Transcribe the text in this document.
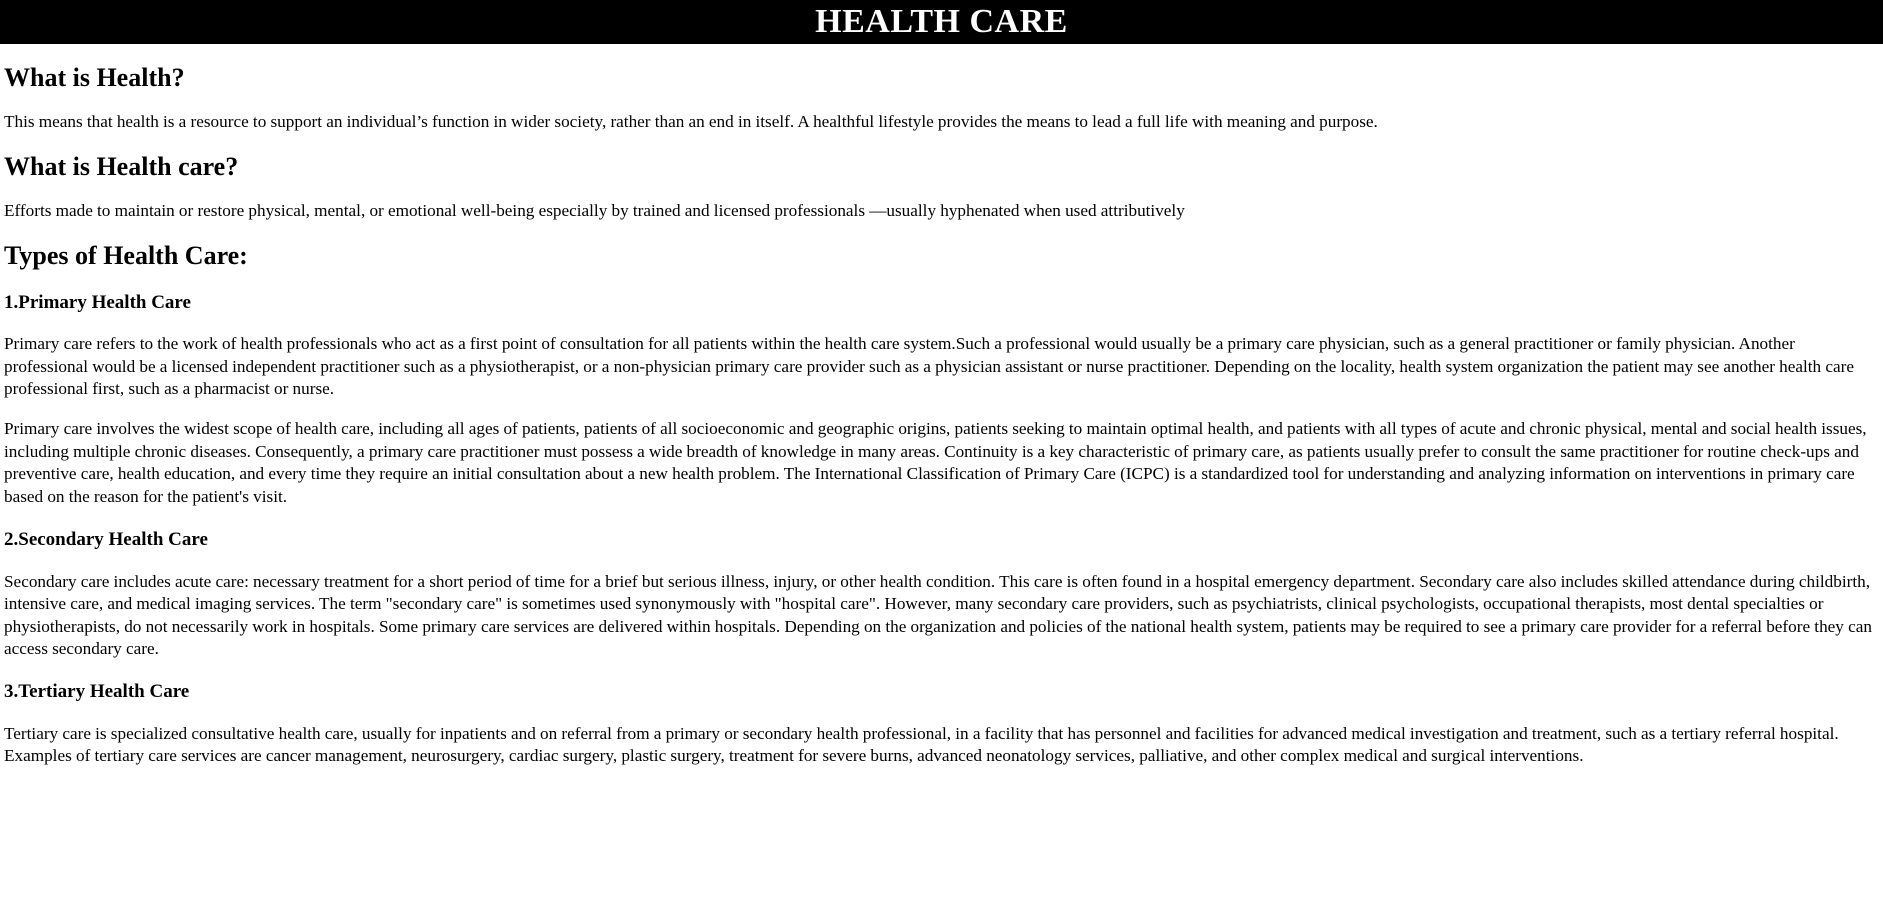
HEALTH CARE
What is Health?

This means that health is a resource to support an individual’s function in wider society, rather than an end in itself. A healthful lifestyle provides the means to lead a full life with meaning and purpose.

What is Health care?

Efforts made to maintain or restore physical, mental, or emotional well-being especially by trained and licensed professionals —usually hyphenated when used attributively

Types of Health Care:
1.Primary Health Care

Primary care refers to the work of health professionals who act as a first point of consultation for all patients within the health care system.Such a professional would usually be a primary care physician, such as a general practitioner or family physician. Another professional would be a licensed independent practitioner such as a physiotherapist, or a non-physician primary care provider such as a physician assistant or nurse practitioner. Depending on the locality, health system organization the patient may see another health care professional first, such as a pharmacist or nurse.

Primary care involves the widest scope of health care, including all ages of patients, patients of all socioeconomic and geographic origins, patients seeking to maintain optimal health, and patients with all types of acute and chronic physical, mental and social health issues, including multiple chronic diseases. Consequently, a primary care practitioner must possess a wide breadth of knowledge in many areas. Continuity is a key characteristic of primary care, as patients usually prefer to consult the same practitioner for routine check-ups and preventive care, health education, and every time they require an initial consultation about a new health problem. The International Classification of Primary Care (ICPC) is a standardized tool for understanding and analyzing information on interventions in primary care based on the reason for the patient's visit.

2.Secondary Health Care

Secondary care includes acute care: necessary treatment for a short period of time for a brief but serious illness, injury, or other health condition. This care is often found in a hospital emergency department. Secondary care also includes skilled attendance during childbirth, intensive care, and medical imaging services. The term "secondary care" is sometimes used synonymously with "hospital care". However, many secondary care providers, such as psychiatrists, clinical psychologists, occupational therapists, most dental specialties or physiotherapists, do not necessarily work in hospitals. Some primary care services are delivered within hospitals. Depending on the organization and policies of the national health system, patients may be required to see a primary care provider for a referral before they can access secondary care.

3.Tertiary Health Care

Tertiary care is specialized consultative health care, usually for inpatients and on referral from a primary or secondary health professional, in a facility that has personnel and facilities for advanced medical investigation and treatment, such as a tertiary referral hospital. Examples of tertiary care services are cancer management, neurosurgery, cardiac surgery, plastic surgery, treatment for severe burns, advanced neonatology services, palliative, and other complex medical and surgical interventions.
